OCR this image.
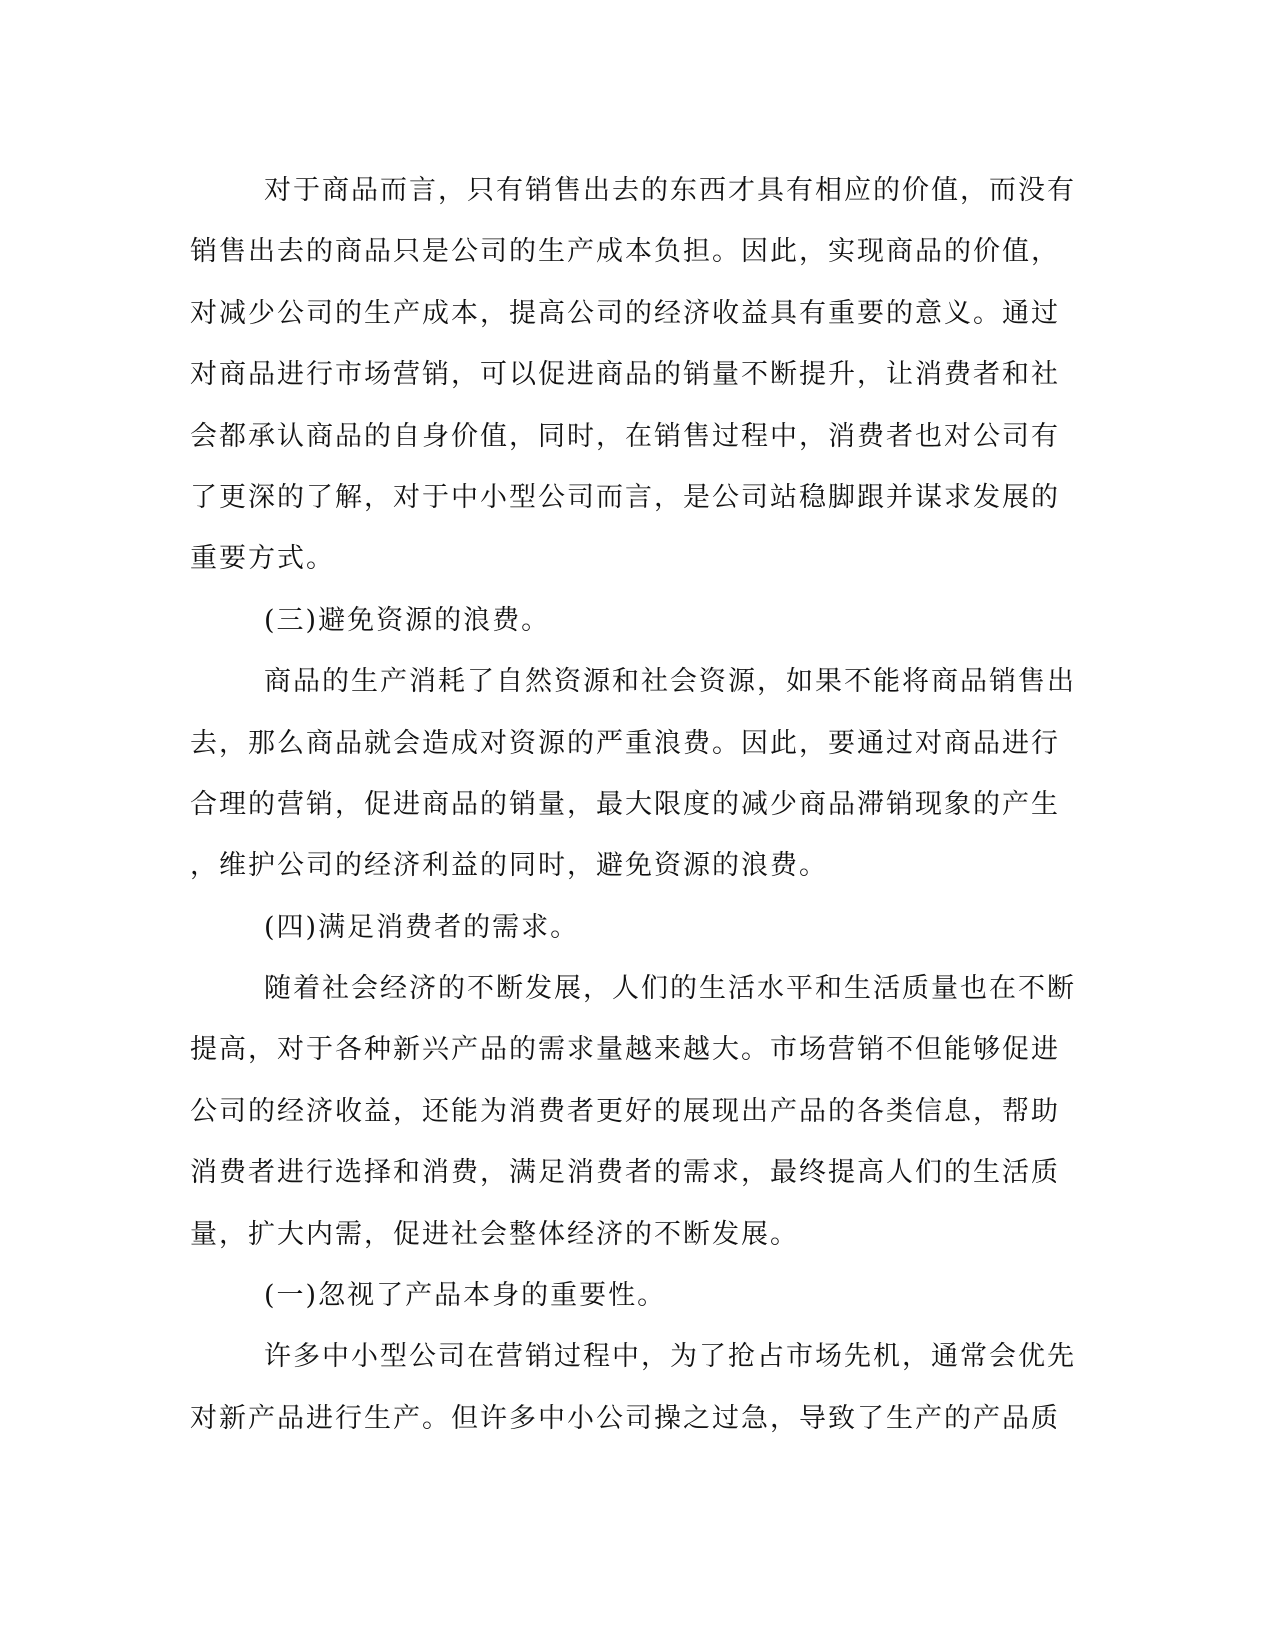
对于商品而言，只有销售出去的东西才具有相应的价值，而没有
销售出去的商品只是公司的生产成本负担。因此，实现商品的价值，
对减少公司的生产成本，提高公司的经济收益具有重要的意义。通过
对商品进行市场营销，可以促进商品的销量不断提升，让消费者和社
会都承认商品的自身价值，同时，在销售过程中，消费者也对公司有
了更深的了解，对于中小型公司而言，是公司站稳脚跟并谋求发展的
重要方式。
(三)避免资源的浪费。
商品的生产消耗了自然资源和社会资源，如果不能将商品销售出
去，那么商品就会造成对资源的严重浪费。因此，要通过对商品进行
合理的营销，促进商品的销量，最大限度的减少商品滞销现象的产生
，维护公司的经济利益的同时，避免资源的浪费。
(四)满足消费者的需求。
随着社会经济的不断发展，人们的生活水平和生活质量也在不断
提高，对于各种新兴产品的需求量越来越大。市场营销不但能够促进
公司的经济收益，还能为消费者更好的展现出产品的各类信息，帮助
消费者进行选择和消费，满足消费者的需求，最终提高人们的生活质
量，扩大内需，促进社会整体经济的不断发展。
(一)忽视了产品本身的重要性。
许多中小型公司在营销过程中，为了抢占市场先机，通常会优先
对新产品进行生产。但许多中小公司操之过急，导致了生产的产品质
